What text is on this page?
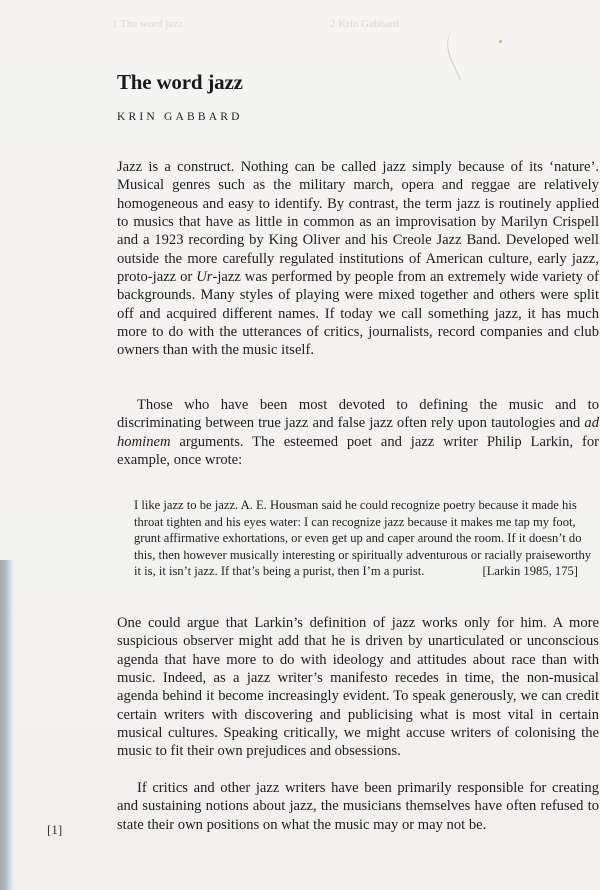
1 The word jazz	2 Krin Gabbard
The word jazz
KRIN GABBARD

Jazz is a construct. Nothing can be called jazz simply because of its ‘nature’. Musical genres such as the military march, opera and reggae are relatively homogeneous and easy to identify. By contrast, the term jazz is routinely applied to musics that have as little in common as an improvisation by Marilyn Crispell and a 1923 recording by King Oliver and his Creole Jazz Band. Developed well outside the more carefully regulated institutions of American culture, early jazz, proto-jazz or Ur-jazz was performed by people from an extremely wide variety of backgrounds. Many styles of playing were mixed together and others were split off and acquired different names. If today we call something jazz, it has much more to do with the utterances of critics, journalists, record companies and club owners than with the music itself.

Those who have been most devoted to defining the music and to discriminating between true jazz and false jazz often rely upon tautologies and ad hominem arguments. The esteemed poet and jazz writer Philip Larkin, for example, once wrote:

I like jazz to be jazz. A. E. Housman said he could recognize poetry because it made his throat tighten and his eyes water: I can recognize jazz because it makes me tap my foot, grunt affirmative exhortations, or even get up and caper around the room. If it doesn’t do this, then however musically interesting or spiritually adventurous or racially praiseworthy it is, it isn’t jazz. If that’s being a purist, then I’m a purist.	[Larkin 1985, 175]

One could argue that Larkin’s definition of jazz works only for him. A more suspicious observer might add that he is driven by unarticulated or unconscious agenda that have more to do with ideology and attitudes about race than with music. Indeed, as a jazz writer’s manifesto recedes in time, the non-musical agenda behind it become increasingly evident. To speak generously, we can credit certain writers with discovering and publicising what is most vital in certain musical cultures. Speaking critically, we might accuse writers of colonising the music to fit their own prejudices and obsessions.

If critics and other jazz writers have been primarily responsible for creating and sustaining notions about jazz, the musicians themselves have often refused to state their own positions on what the music may or may not be.

[1]
